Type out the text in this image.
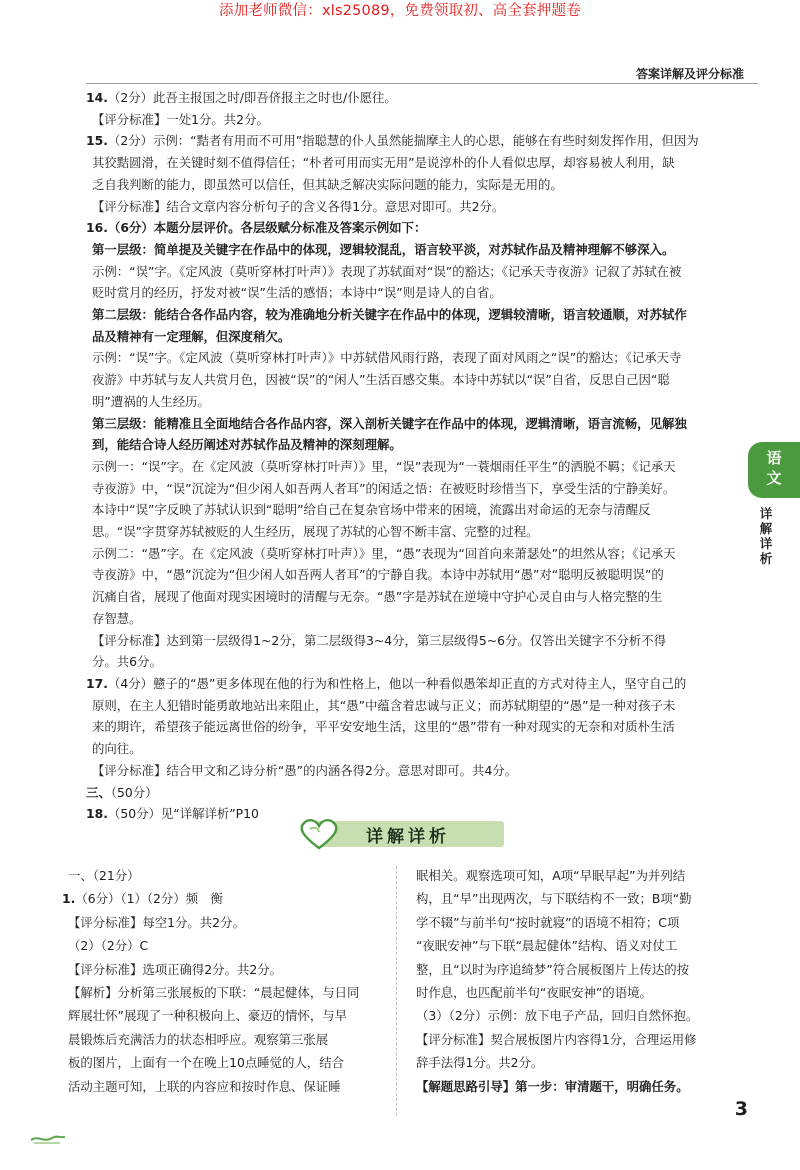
添加老师微信：xls25089，免费领取初、高全套押题卷
答案详解及评分标准

14.（2分）此吾主报国之时/即吾侪报主之时也/仆愿往。

【评分标准】一处1分。共2分。

15.（2分）示例：“黠者有用而不可用”指聪慧的仆人虽然能揣摩主人的心思，能够在有些时刻发挥作用，但因为

其狡黠圆滑，在关键时刻不值得信任；“朴者可用而实无用”是说淳朴的仆人看似忠厚，却容易被人利用，缺

乏自我判断的能力，即虽然可以信任，但其缺乏解决实际问题的能力，实际是无用的。

【评分标准】结合文章内容分析句子的含义各得1分。意思对即可。共2分。

16.（6分）本题分层评价。各层级赋分标准及答案示例如下：

第一层级：简单提及关键字在作品中的体现，逻辑较混乱，语言较平淡，对苏轼作品及精神理解不够深入。

示例：“误”字。《定风波（莫听穿林打叶声）》表现了苏轼面对“误”的豁达；《记承天寺夜游》记叙了苏轼在被

贬时赏月的经历，抒发对被“误”生活的感悟；本诗中“误”则是诗人的自省。

第二层级：能结合各作品内容，较为准确地分析关键字在作品中的体现，逻辑较清晰，语言较通顺，对苏轼作

品及精神有一定理解，但深度稍欠。

示例：“误”字。《定风波（莫听穿林打叶声）》中苏轼借风雨行路，表现了面对风雨之“误”的豁达；《记承天寺

夜游》中苏轼与友人共赏月色，因被“误”的“闲人”生活百感交集。本诗中苏轼以“误”自省，反思自己因“聪

明”遭祸的人生经历。

第三层级：能精准且全面地结合各作品内容，深入剖析关键字在作品中的体现，逻辑清晰，语言流畅，见解独

到，能结合诗人经历阐述对苏轼作品及精神的深刻理解。

示例一：“误”字。在《定风波（莫听穿林打叶声）》里，“误”表现为“一蓑烟雨任平生”的洒脱不羁；《记承天

寺夜游》中，“误”沉淀为“但少闲人如吾两人者耳”的闲适之悟：在被贬时珍惜当下，享受生活的宁静美好。

本诗中“误”字反映了苏轼认识到“聪明”给自己在复杂官场中带来的困境，流露出对命运的无奈与清醒反

思。“误”字贯穿苏轼被贬的人生经历，展现了苏轼的心智不断丰富、完整的过程。

示例二：“愚”字。在《定风波（莫听穿林打叶声）》里，“愚”表现为“回首向来萧瑟处”的坦然从容；《记承天

寺夜游》中，“愚”沉淀为“但少闲人如吾两人者耳”的宁静自我。本诗中苏轼用“愚”对“聪明反被聪明误”的

沉痛自省，展现了他面对现实困境时的清醒与无奈。“愚”字是苏轼在逆境中守护心灵自由与人格完整的生

存智慧。

【评分标准】达到第一层级得1~2分，第二层级得3~4分，第三层级得5~6分。仅答出关键字不分析不得

分。共6分。

17.（4分）戆子的“愚”更多体现在他的行为和性格上，他以一种看似愚笨却正直的方式对待主人，坚守自己的

原则，在主人犯错时能勇敢地站出来阻止，其“愚”中蕴含着忠诚与正义；而苏轼期望的“愚”是一种对孩子未

来的期许，希望孩子能远离世俗的纷争，平平安安地生活，这里的“愚”带有一种对现实的无奈和对质朴生活

的向往。

【评分标准】结合甲文和乙诗分析“愚”的内涵各得2分。意思对即可。共4分。

三、（50分）

18.（50分）见“详解详析”P10

语
文
详
解
详
析
详解详析

一、（21分）

1.（6分）（1）（2分）频　衡

【评分标准】每空1分。共2分。

（2）（2分）C

【评分标准】选项正确得2分。共2分。

【解析】分析第三张展板的下联：“晨起健体，与日同

辉展壮怀”展现了一种积极向上、豪迈的情怀，与早

晨锻炼后充满活力的状态相呼应。观察第三张展

板的图片，上面有一个在晚上10点睡觉的人，结合

活动主题可知，上联的内容应和按时作息、保证睡

眠相关。观察选项可知，A项“早眠早起”为并列结

构，且“早”出现两次，与下联结构不一致；B项“勤

学不辍”与前半句“按时就寝”的语境不相符；C项

“夜眠安神”与下联“晨起健体”结构、语义对仗工

整，且“以时为序追绮梦”符合展板图片上传达的按

时作息，也匹配前半句“夜眠安神”的语境。

（3）（2分）示例：放下电子产品，回归自然怀抱。

【评分标准】契合展板图片内容得1分，合理运用修

辞手法得1分。共2分。

【解题思路引导】第一步：审清题干，明确任务。

3
